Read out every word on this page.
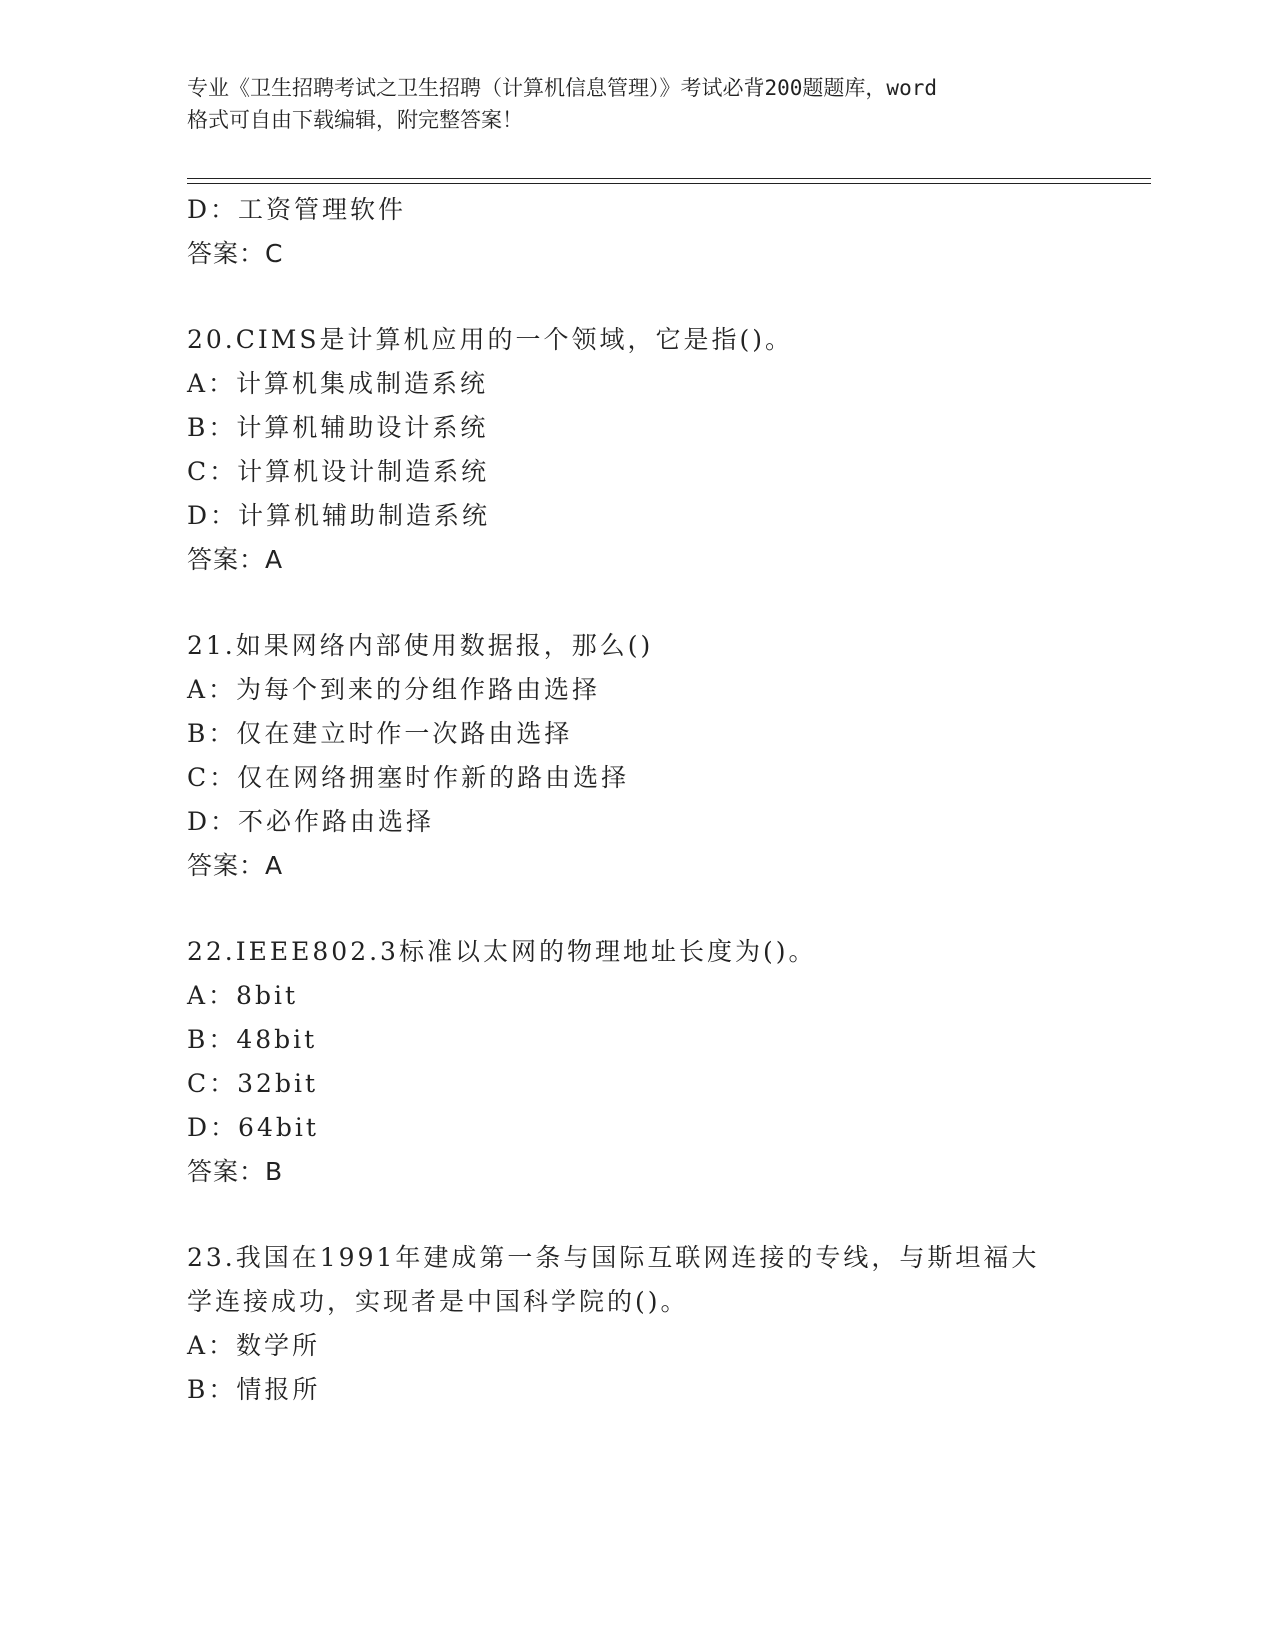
专业《卫生招聘考试之卫生招聘（计算机信息管理）》考试必背200题题库，word
格式可自由下载编辑，附完整答案！
D：工资管理软件
答案：C
20.CIMS是计算机应用的一个领域，它是指()。
A：计算机集成制造系统
B：计算机辅助设计系统
C：计算机设计制造系统
D：计算机辅助制造系统
答案：A
21.如果网络内部使用数据报，那么()
A：为每个到来的分组作路由选择
B：仅在建立时作一次路由选择
C：仅在网络拥塞时作新的路由选择
D：不必作路由选择
答案：A
22.IEEE802.3标准以太网的物理地址长度为()。
A：8bit
B：48bit
C：32bit
D：64bit
答案：B
23.我国在1991年建成第一条与国际互联网连接的专线，与斯坦福大
学连接成功，实现者是中国科学院的()。
A：数学所
B：情报所
